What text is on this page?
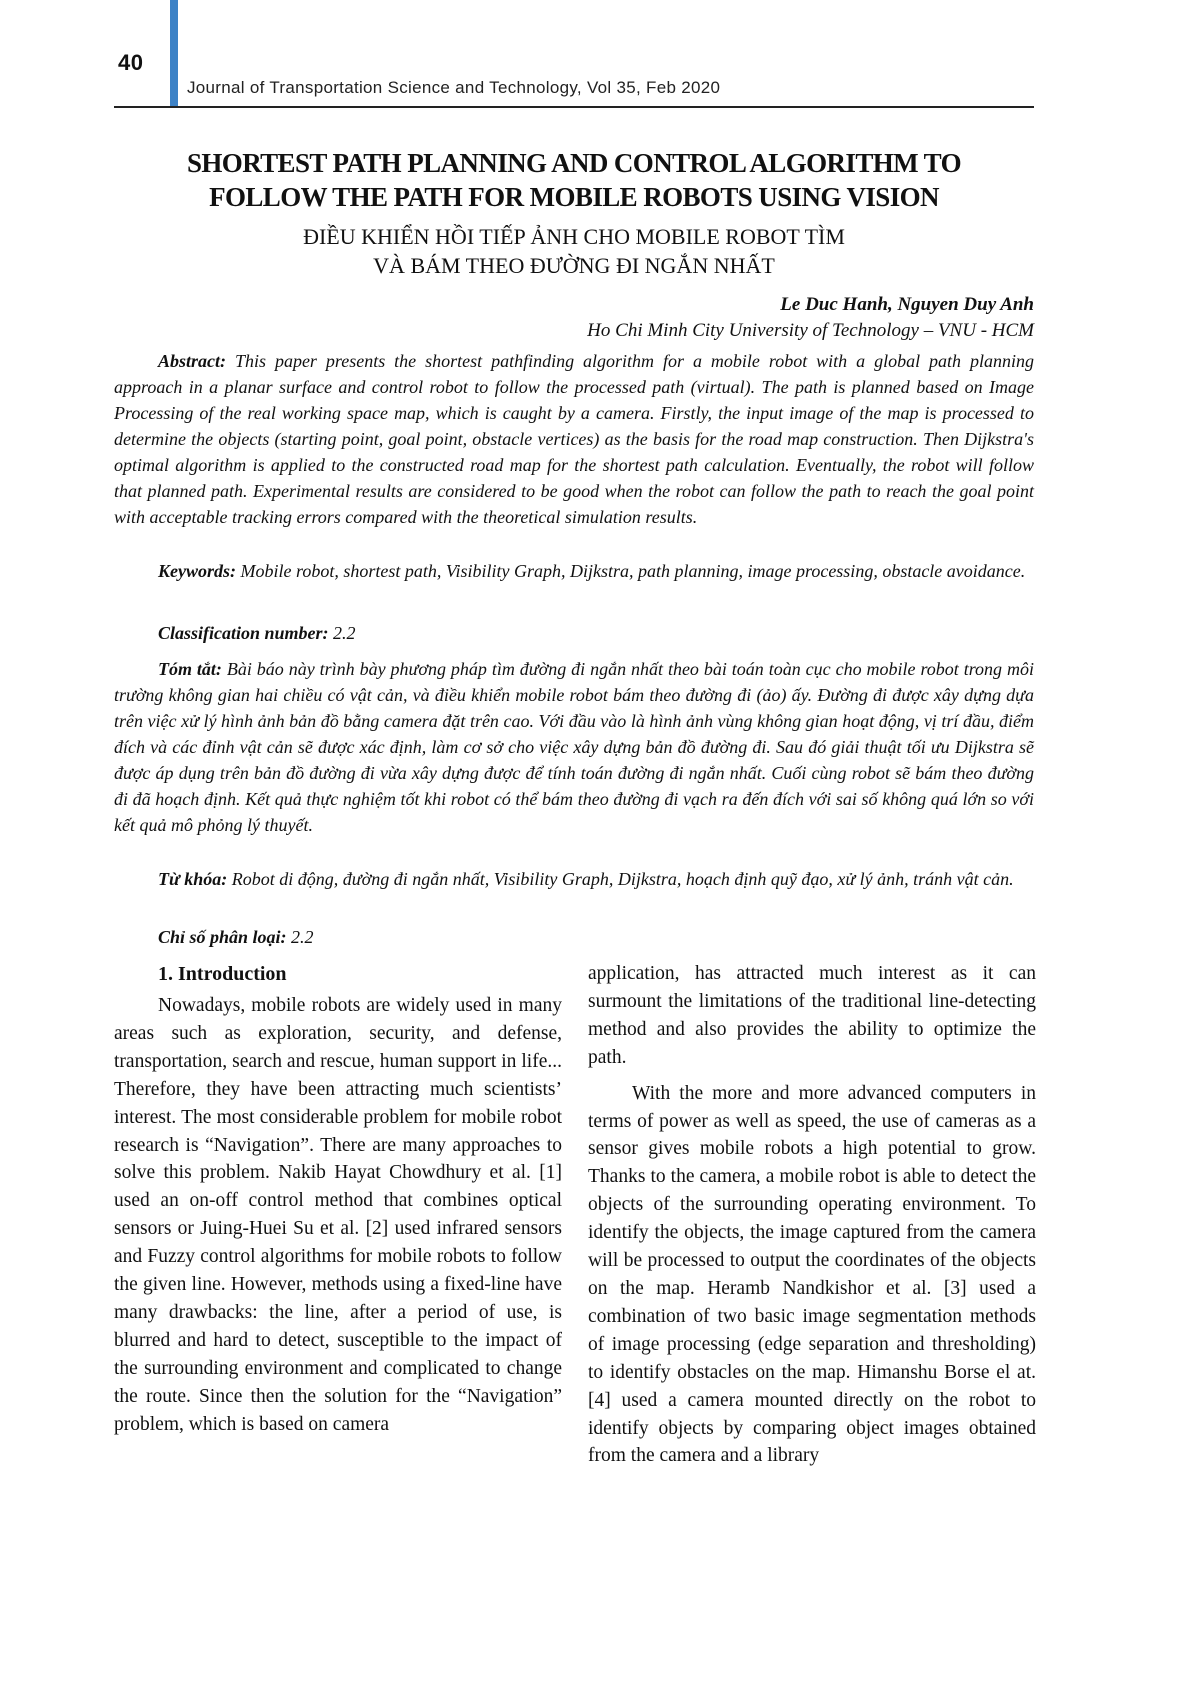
40
Journal of Transportation Science and Technology, Vol 35, Feb 2020
SHORTEST PATH PLANNING AND CONTROL ALGORITHM TO
FOLLOW THE PATH FOR MOBILE ROBOTS USING VISION
ĐIỀU KHIỂN HỒI TIẾP ẢNH CHO MOBILE ROBOT TÌM
VÀ BÁM THEO ĐƯỜNG ĐI NGẮN NHẤT
Le Duc Hanh, Nguyen Duy Anh
Ho Chi Minh City University of Technology – VNU - HCM

Abstract: This paper presents the shortest pathfinding algorithm for a mobile robot with a global path planning approach in a planar surface and control robot to follow the processed path (virtual). The path is planned based on Image Processing of the real working space map, which is caught by a camera. Firstly, the input image of the map is processed to determine the objects (starting point, goal point, obstacle vertices) as the basis for the road map construction. Then Dijkstra's optimal algorithm is applied to the constructed road map for the shortest path calculation. Eventually, the robot will follow that planned path. Experimental results are considered to be good when the robot can follow the path to reach the goal point with acceptable tracking errors compared with the theoretical simulation results.

Keywords: Mobile robot, shortest path, Visibility Graph, Dijkstra, path planning, image processing, obstacle avoidance.

Classification number: 2.2

Tóm tắt: Bài báo này trình bày phương pháp tìm đường đi ngắn nhất theo bài toán toàn cục cho mobile robot trong môi trường không gian hai chiều có vật cản, và điều khiển mobile robot bám theo đường đi (ảo) ấy. Đường đi được xây dựng dựa trên việc xử lý hình ảnh bản đồ bằng camera đặt trên cao. Với đầu vào là hình ảnh vùng không gian hoạt động, vị trí đầu, điểm đích và các đỉnh vật cản sẽ được xác định, làm cơ sở cho việc xây dựng bản đồ đường đi. Sau đó giải thuật tối ưu Dijkstra sẽ được áp dụng trên bản đồ đường đi vừa xây dựng được để tính toán đường đi ngắn nhất. Cuối cùng robot sẽ bám theo đường đi đã hoạch định. Kết quả thực nghiệm tốt khi robot có thể bám theo đường đi vạch ra đến đích với sai số không quá lớn so với kết quả mô phỏng lý thuyết.

Từ khóa: Robot di động, đường đi ngắn nhất, Visibility Graph, Dijkstra, hoạch định quỹ đạo, xử lý ảnh, tránh vật cản.

Chỉ số phân loại: 2.2

1. Introduction

Nowadays, mobile robots are widely used in many areas such as exploration, security, and defense, transportation, search and rescue, human support in life... Therefore, they have been attracting much scientists’ interest. The most considerable problem for mobile robot research is “Navigation”. There are many approaches to solve this problem. Nakib Hayat Chowdhury et al. [1] used an on-off control method that combines optical sensors or Juing-Huei Su et al. [2] used infrared sensors and Fuzzy control algorithms for mobile robots to follow the given line. However, methods using a fixed-line have many drawbacks: the line, after a period of use, is blurred and hard to detect, susceptible to the impact of the surrounding environment and complicated to change the route. Since then the solution for the “Navigation” problem, which is based on camera

application, has attracted much interest as it can surmount the limitations of the traditional line-detecting method and also provides the ability to optimize the path.

With the more and more advanced computers in terms of power as well as speed, the use of cameras as a sensor gives mobile robots a high potential to grow. Thanks to the camera, a mobile robot is able to detect the objects of the surrounding operating environment. To identify the objects, the image captured from the camera will be processed to output the coordinates of the objects on the map. Heramb Nandkishor et al. [3] used a combination of two basic image segmentation methods of image processing (edge separation and thresholding) to identify obstacles on the map. Himanshu Borse el at. [4] used a camera mounted directly on the robot to identify objects by comparing object images obtained from the camera and a library
